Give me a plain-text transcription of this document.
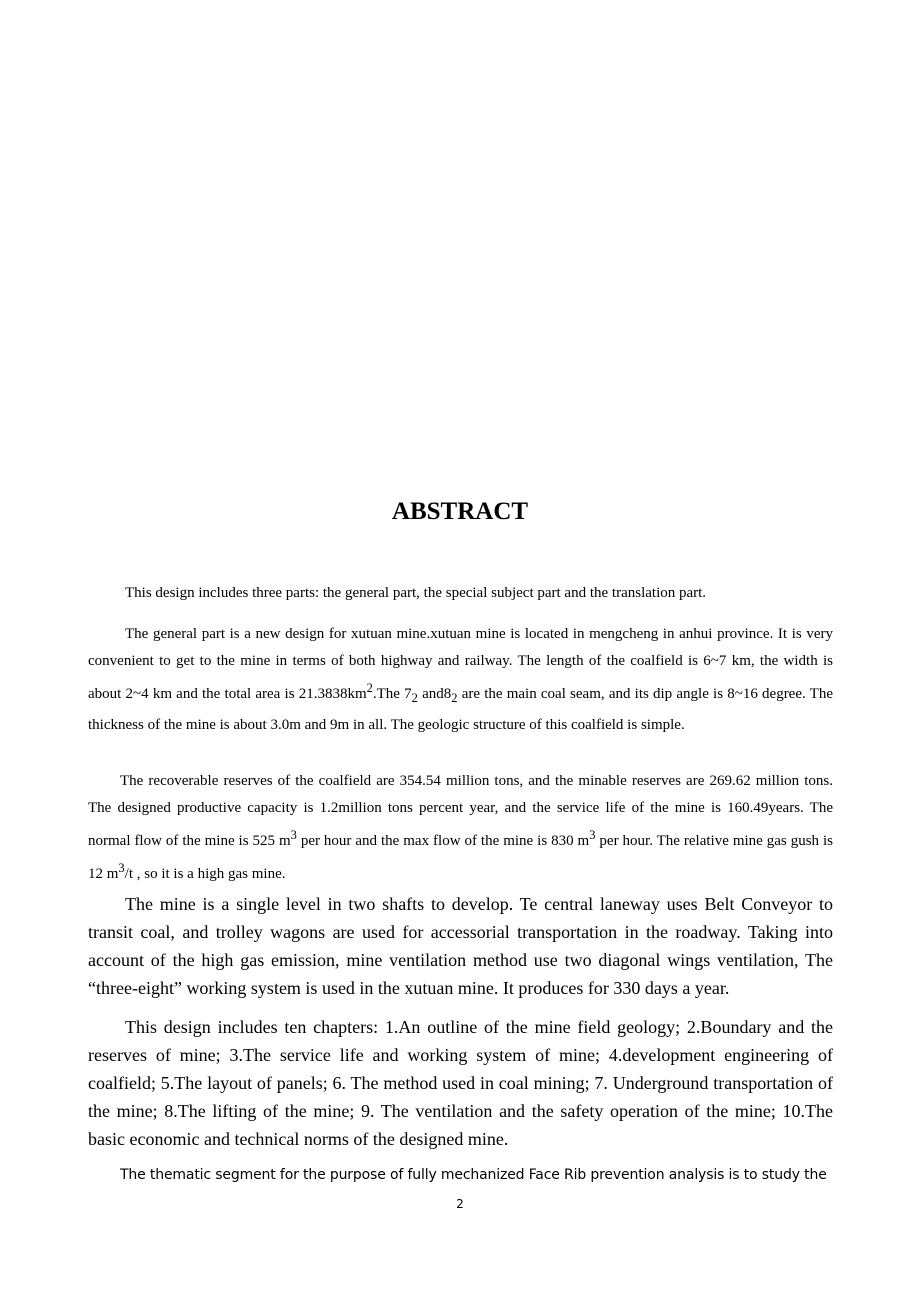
ABSTRACT

This design includes three parts: the general part, the special subject part and the translation part.

The general part is a new design for xutuan mine.xutuan mine is located in mengcheng in anhui province. It is very convenient to get to the mine in terms of both highway and railway. The length of the coalfield is 6~7 km, the width is about 2~4 km and the total area is $21.3838km^2.The$ $7_2$ $and8_2$ are the main coal seam, and its dip angle is 8~16 degree. The thickness of the mine is about 3.0m and 9m in all. The geologic structure of this coalfield is simple.

The recoverable reserves of the coalfield are 354.54 million tons, and the minable reserves are 269.62 million tons. The designed productive capacity is 1.2million tons percent year, and the service life of the mine is 160.49years. The normal flow of the mine is 525 $m^3$ per hour and the max flow of the mine is 830 $m^3$ per hour. The relative mine gas gush is 12 $m^3/t$ , so it is a high gas mine.

The mine is a single level in two shafts to develop. Te central laneway uses Belt Conveyor to transit coal, and trolley wagons are used for accessorial transportation in the roadway. Taking into account of the high gas emission, mine ventilation method use two diagonal wings ventilation, The “three-eight” working system is used in the xutuan mine. It produces for 330 days a year.

This design includes ten chapters: 1.An outline of the mine field geology; 2.Boundary and the reserves of mine; 3.The service life and working system of mine; 4.development engineering of coalfield; 5.The layout of panels; 6. The method used in coal mining; 7. Underground transportation of the mine; 8.The lifting of the mine; 9. The ventilation and the safety operation of the mine; 10.The basic economic and technical norms of the designed mine.

The thematic segment for the purpose of fully mechanized Face Rib prevention analysis is to study the

2
